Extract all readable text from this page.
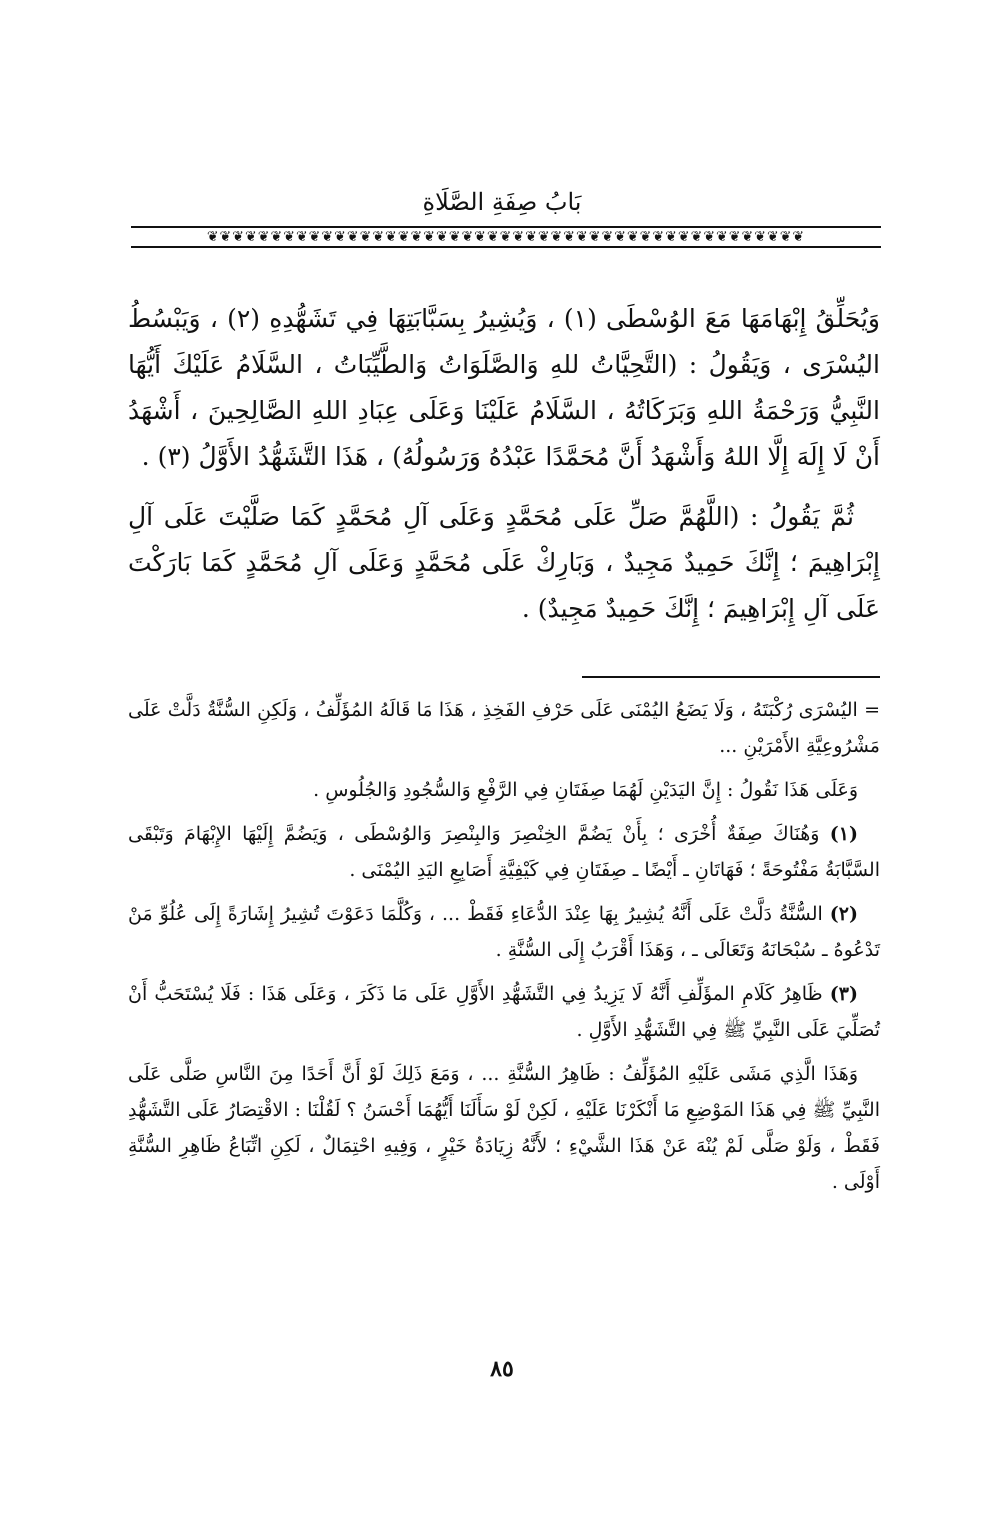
بَابُ صِفَةِ الصَّلَاةِ
❦❦❦❦❦❦❦❦❦❦❦❦❦❦❦❦❦❦❦❦❦❦❦❦❦❦❦❦❦❦❦❦❦❦❦❦❦❦❦❦❦❦❦❦❦❦❦

وَيُحَلِّقُ إِبْهَامَهَا مَعَ الوُسْطَى (١) ، وَيُشِيرُ بِسَبَّابَتِهَا فِي تَشَهُّدِهِ (٢) ، وَيَبْسُطُ اليُسْرَى ، وَيَقُولُ : (التَّحِيَّاتُ للهِ وَالصَّلَوَاتُ وَالطَّيِّبَاتُ ، السَّلَامُ عَلَيْكَ أَيُّهَا النَّبِيُّ وَرَحْمَةُ اللهِ وَبَرَكَاتُهُ ، السَّلَامُ عَلَيْنَا وَعَلَى عِبَادِ اللهِ الصَّالِحِينَ ، أَشْهَدُ أَنْ لَا إِلَهَ إِلَّا اللهُ وَأَشْهَدُ أَنَّ مُحَمَّدًا عَبْدُهُ وَرَسُولُهُ) ، هَذَا التَّشَهُّدُ الأَوَّلُ (٣) .

ثُمَّ يَقُولُ : (اللَّهُمَّ صَلِّ عَلَى مُحَمَّدٍ وَعَلَى آلِ مُحَمَّدٍ كَمَا صَلَّيْتَ عَلَى آلِ إِبْرَاهِيمَ ؛ إِنَّكَ حَمِيدٌ مَجِيدٌ ، وَبَارِكْ عَلَى مُحَمَّدٍ وَعَلَى آلِ مُحَمَّدٍ كَمَا بَارَكْتَ عَلَى آلِ إِبْرَاهِيمَ ؛ إِنَّكَ حَمِيدٌ مَجِيدٌ) .

= اليُسْرَى رُكْبَتَهُ ، وَلَا يَضَعُ اليُمْنَى عَلَى حَرْفِ الفَخِذِ ، هَذَا مَا قَالَهُ المُؤَلِّفُ ، وَلَكِنِ السُّنَّةُ دَلَّتْ عَلَى مَشْرُوعِيَّةِ الأَمْرَيْنِ ...

وَعَلَى هَذَا نَقُولُ : إِنَّ اليَدَيْنِ لَهُمَا صِفَتَانِ فِي الرَّفْعِ وَالسُّجُودِ وَالجُلُوسِ .

(١) وَهُنَاكَ صِفَةٌ أُخْرَى ؛ بِأَنْ يَضُمَّ الخِنْصِرَ وَالبِنْصِرَ وَالوُسْطَى ، وَيَضُمَّ إِلَيْهَا الإِبْهَامَ وَتَبْقَى السَّبَّابَةُ مَفْتُوحَةً ؛ فَهَاتَانِ ـ أَيْضًا ـ صِفَتَانِ فِي كَيْفِيَّةِ أَصَابِعِ اليَدِ اليُمْنَى .

(٢) السُّنَّةُ دَلَّتْ عَلَى أَنَّهُ يُشِيرُ بِهَا عِنْدَ الدُّعَاءِ فَقَطْ ... ، وَكُلَّمَا دَعَوْتَ تُشِيرُ إِشَارَةً إِلَى عُلُوِّ مَنْ تَدْعُوهُ ـ سُبْحَانَهُ وَتَعَالَى ـ ، وَهَذَا أَقْرَبُ إِلَى السُّنَّةِ .

(٣) ظَاهِرُ كَلَامِ المؤَلِّفِ أَنَّهُ لَا يَزِيدُ فِي التَّشَهُّدِ الأَوَّلِ عَلَى مَا ذَكَرَ ، وَعَلَى هَذَا : فَلَا يُسْتَحَبُّ أَنْ تُصَلِّيَ عَلَى النَّبِيِّ ﷺ فِي التَّشَهُّدِ الأَوَّلِ .

وَهَذَا الَّذِي مَشَى عَلَيْهِ المُؤَلِّفُ : ظَاهِرُ السُّنَّةِ ... ، وَمَعَ ذَلِكَ لَوْ أَنَّ أَحَدًا مِنَ النَّاسِ صَلَّى عَلَى النَّبِيِّ ﷺ فِي هَذَا المَوْضِعِ مَا أَنْكَرْنَا عَلَيْهِ ، لَكِنْ لَوْ سَأَلَنَا أَيُّهُمَا أَحْسَنُ ؟ لَقُلْنَا : الاقْتِصَارُ عَلَى التَّشَهُّدِ فَقَطْ ، وَلَوْ صَلَّى لَمْ يُنْهَ عَنْ هَذَا الشَّيْءِ ؛ لأَنَّهُ زِيَادَةُ خَيْرٍ ، وَفِيهِ احْتِمَالٌ ، لَكِنِ اتِّبَاعُ ظَاهِرِ السُّنَّةِ أَوْلَى .

٨٥
